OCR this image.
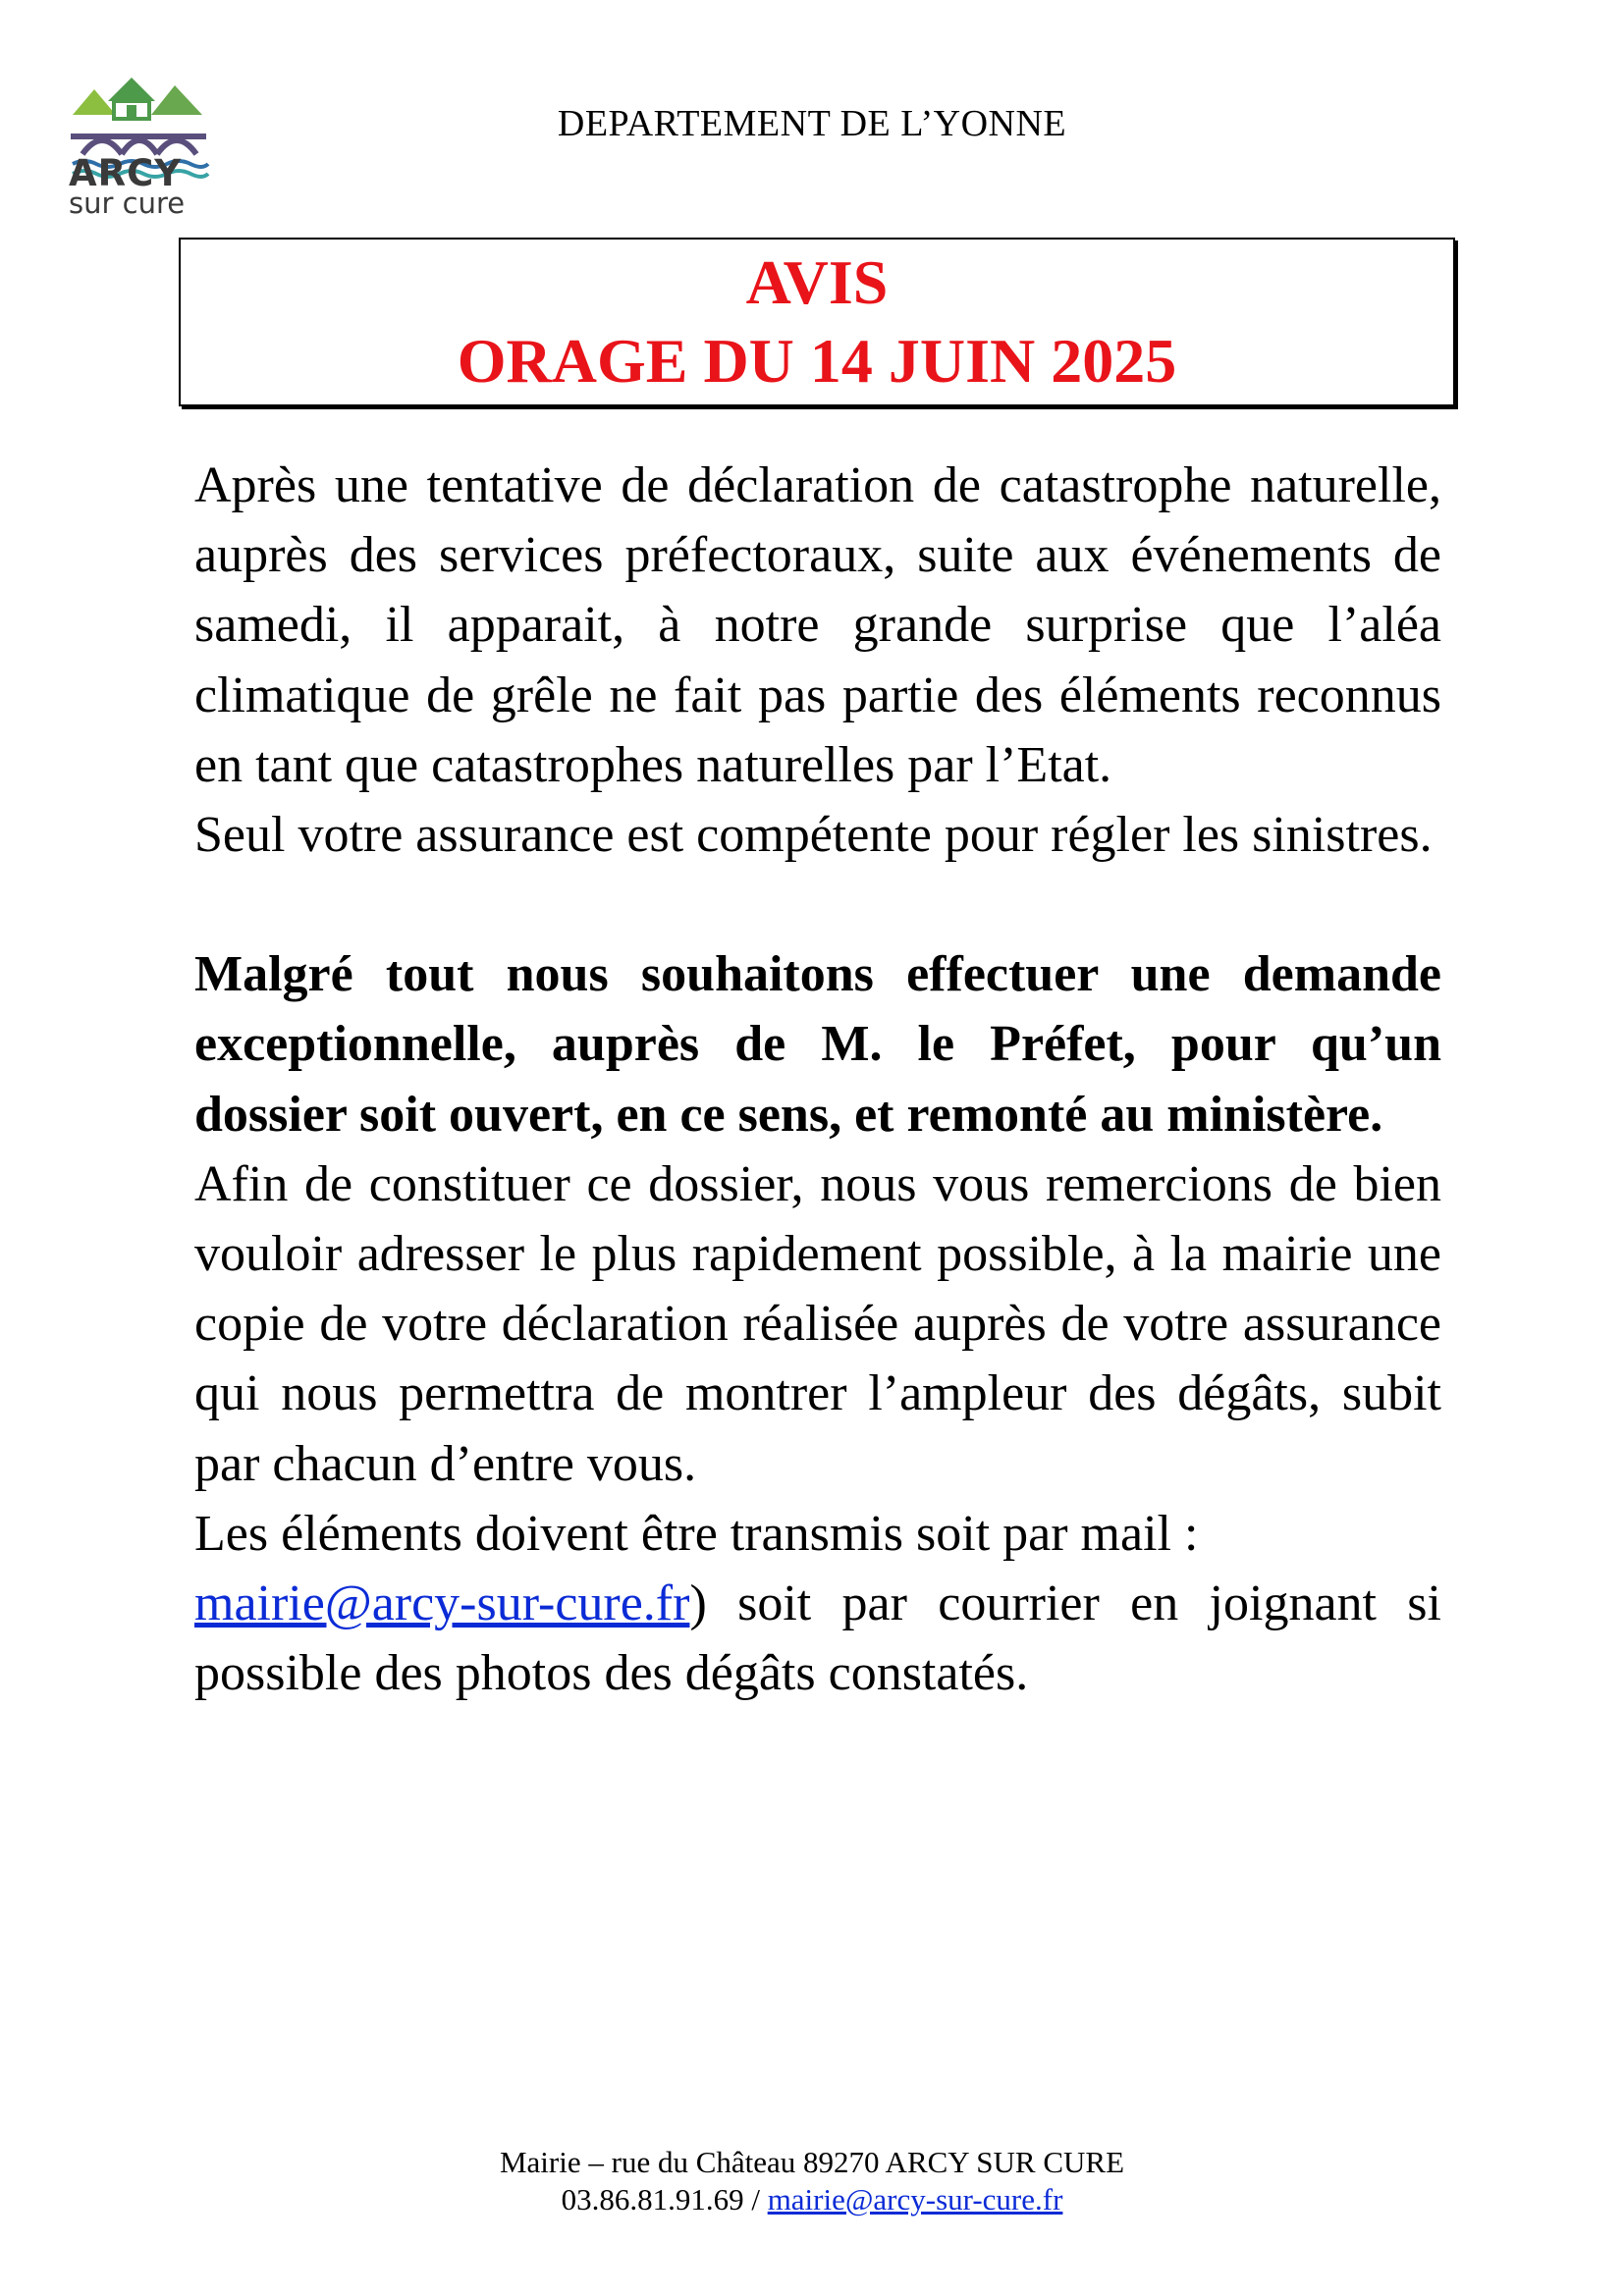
ARCY
sur cure
DEPARTEMENT DE L’YONNE
AVIS
ORAGE DU 14 JUIN 2025

Après une tentative de déclaration de catastrophe naturelle, auprès des services préfectoraux, suite aux événements de samedi, il apparait, à notre grande surprise que l’aléa climatique de grêle ne fait pas partie des éléments reconnus en tant que catastrophes naturelles par l’Etat.

Seul votre assurance est compétente pour régler les sinistres.

Malgré tout nous souhaitons effectuer une demande exceptionnelle, auprès de M. le Préfet, pour qu’un dossier soit ouvert, en ce sens, et remonté au ministère.

Afin de constituer ce dossier, nous vous remercions de bien vouloir adresser le plus rapidement possible, à la mairie une copie de votre déclaration réalisée auprès de votre assurance qui nous permettra de montrer l’ampleur des dégâts, subit par chacun d’entre vous.

Les éléments doivent être transmis soit par mail :
mairie@arcy-sur-cure.fr) soit par courrier en joignant si possible des photos des dégâts constatés.

Mairie – rue du Château 89270 ARCY SUR CURE
03.86.81.91.69 / mairie@arcy-sur-cure.fr
